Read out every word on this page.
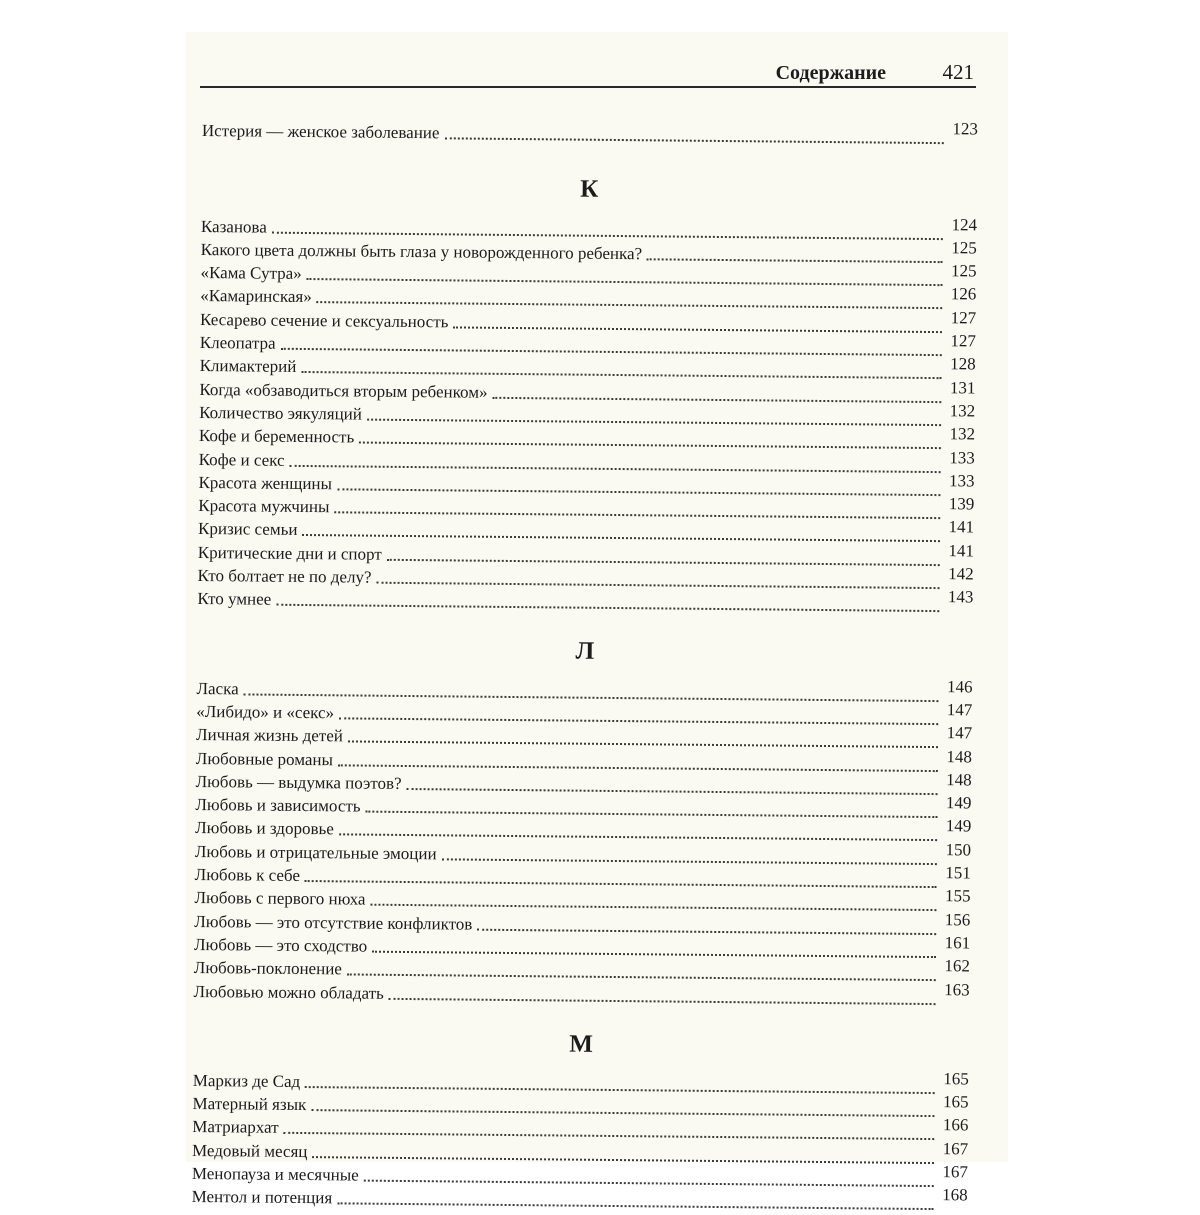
Содержание	421
Истерия — женское заболевание	123
К
Казанова	124
Какого цвета должны быть глаза у новорожденного ребенка?	125
«Кама Сутра»	125
«Камаринская»	126
Кесарево сечение и сексуальность	127
Клеопатра	127
Климактерий	128
Когда «обзаводиться вторым ребенком»	131
Количество эякуляций	132
Кофе и беременность	132
Кофе и секс	133
Красота женщины	133
Красота мужчины	139
Кризис семьи	141
Критические дни и спорт	141
Кто болтает не по делу?	142
Кто умнее	143
Л
Ласка	146
«Либидо» и «секс»	147
Личная жизнь детей	147
Любовные романы	148
Любовь — выдумка поэтов?	148
Любовь и зависимость	149
Любовь и здоровье	149
Любовь и отрицательные эмоции	150
Любовь к себе	151
Любовь с первого нюха	155
Любовь — это отсутствие конфликтов	156
Любовь — это сходство	161
Любовь-поклонение	162
Любовью можно обладать	163
М
Маркиз де Сад	165
Матерный язык	165
Матриархат	166
Медовый месяц	167
Менопауза и месячные	167
Ментол и потенция	168
